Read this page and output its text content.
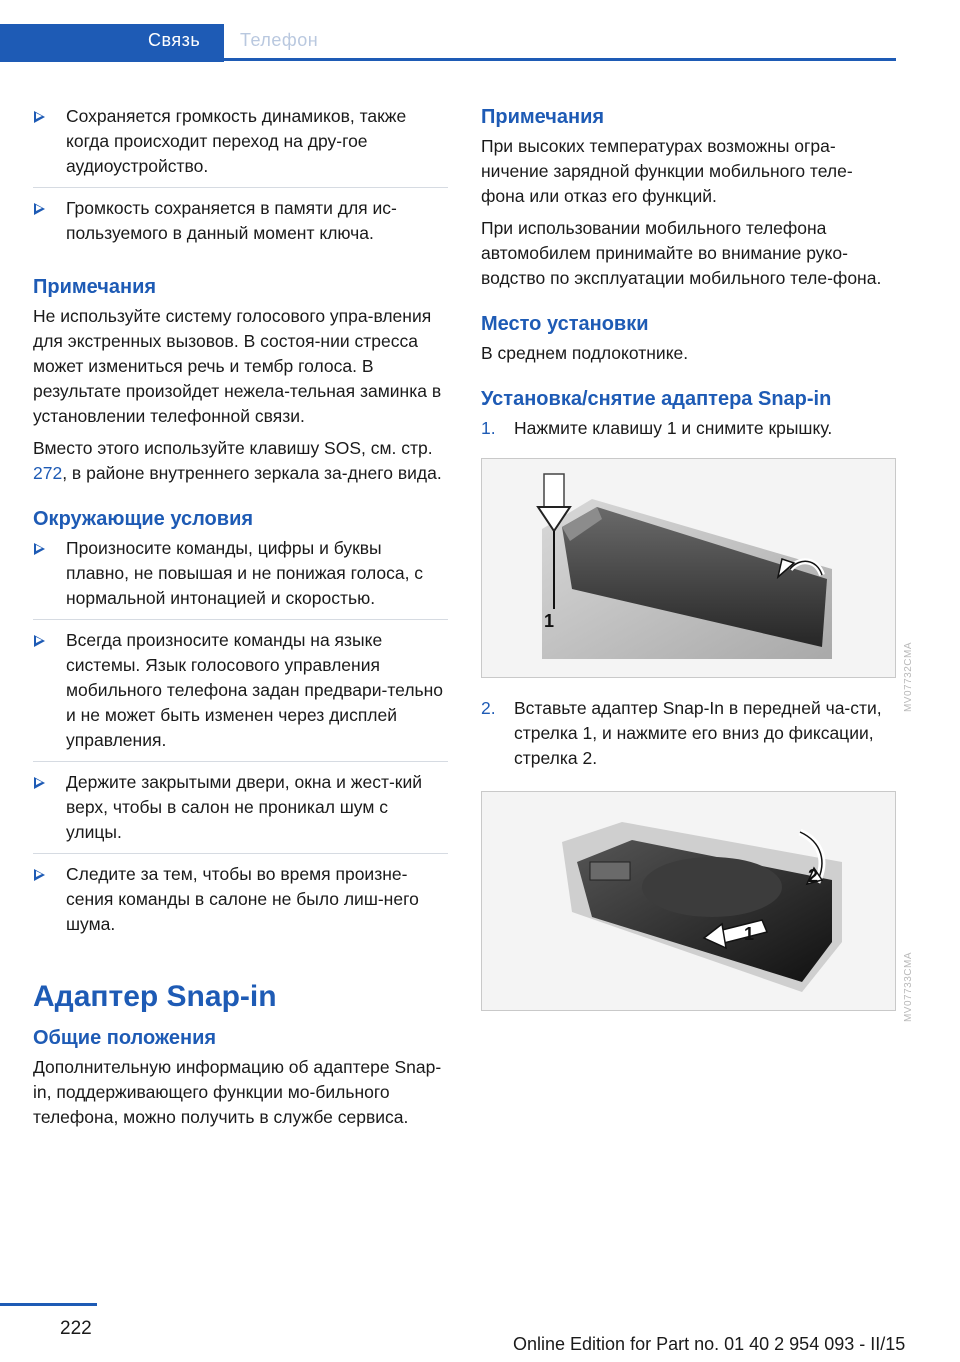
Связь Телефон
Сохраняется громкость динамиков, также когда происходит переход на дру-гое аудиоустройство.
Громкость сохраняется в памяти для ис-пользуемого в данный момент ключа.
Примечания

Не используйте систему голосового упра-вления для экстренных вызовов. В состоя-нии стресса может измениться речь и тембр голоса. В результате произойдет нежела-тельная заминка в установлении телефонной связи.

Вместо этого используйте клавишу SOS, см. стр. 272, в районе внутреннего зеркала за-днего вида.

Окружающие условия
Произносите команды, цифры и буквы плавно, не повышая и не понижая голоса, с нормальной интонацией и скоростью.
Всегда произносите команды на языке системы. Язык голосового управления мобильного телефона задан предвари-тельно и не может быть изменен через дисплей управления.
Держите закрытыми двери, окна и жест-кий верх, чтобы в салон не проникал шум с улицы.
Следите за тем, чтобы во время произне-сения команды в салоне не было лиш-него шума.
Адаптер Snap-in
Общие положения

Дополнительную информацию об адаптере Snap-in, поддерживающего функции мо-бильного телефона, можно получить в службе сервиса.

Примечания

При высоких температурах возможны огра-ничение зарядной функции мобильного теле-фона или отказ его функций.

При использовании мобильного телефона автомобилем принимайте во внимание руко-водство по эксплуатации мобильного теле-фона.

Место установки

В среднем подлокотнике.

Установка/снятие адаптера Snap-in
1. Нажмите клавишу 1 и снимите крышку.
1
2. Вставьте адаптер Snap-In в передней ча-сти, стрелка 1, и нажмите его вниз до фиксации, стрелка 2.
2
1
MV07732CMA
MV07733CMA
222
Online Edition for Part no. 01 40 2 954 093 - II/15
